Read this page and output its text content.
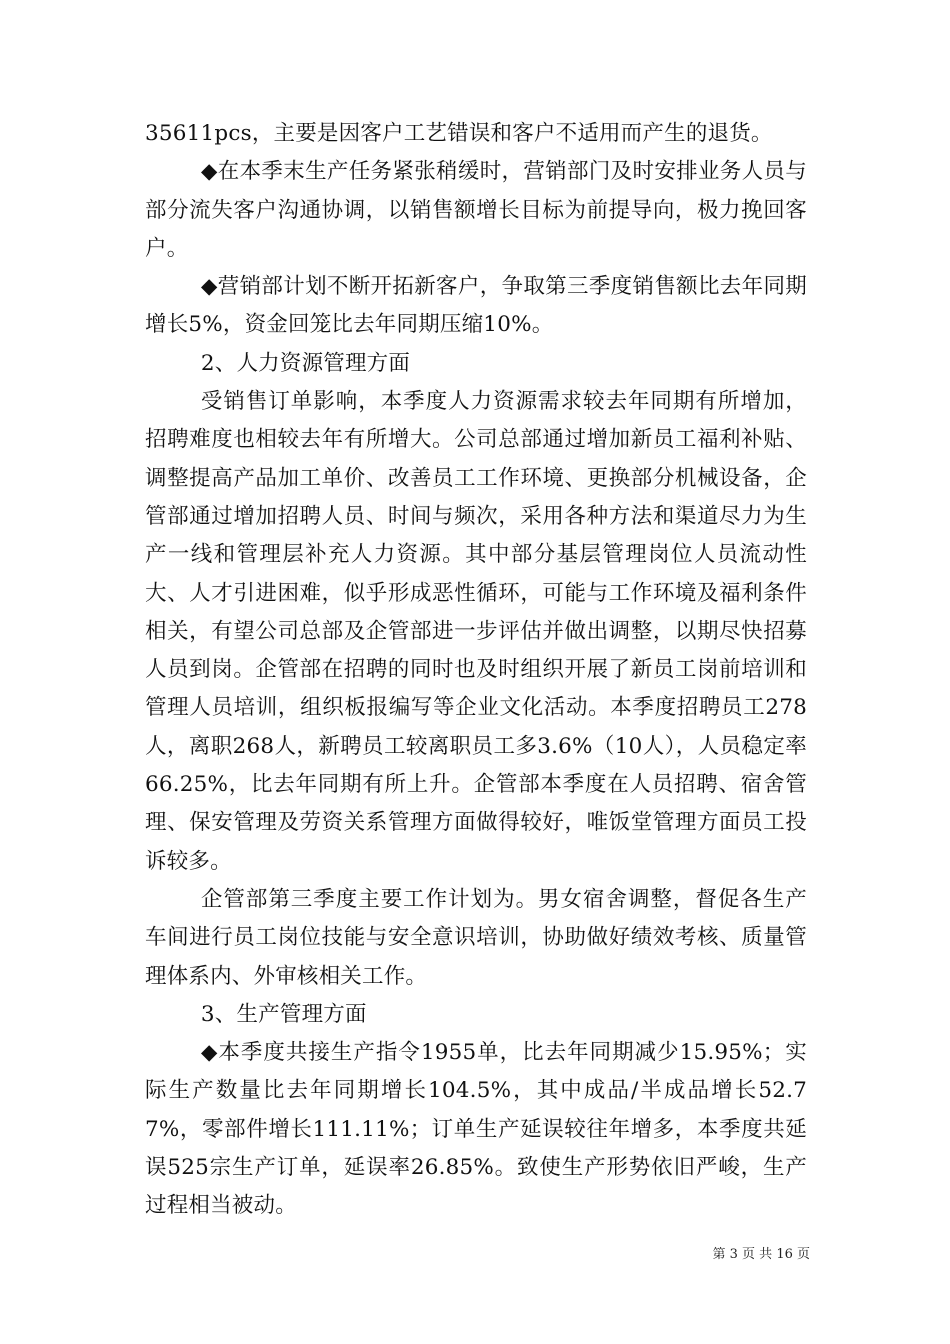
35611pcs，主要是因客户工艺错误和客户不适用而产生的退货。

◆在本季末生产任务紧张稍缓时，营销部门及时安排业务人员与部分流失客户沟通协调，以销售额增长目标为前提导向，极力挽回客户。

◆营销部计划不断开拓新客户，争取第三季度销售额比去年同期增长5%，资金回笼比去年同期压缩10%。

2、人力资源管理方面

受销售订单影响，本季度人力资源需求较去年同期有所增加，招聘难度也相较去年有所增大。公司总部通过增加新员工福利补贴、调整提高产品加工单价、改善员工工作环境、更换部分机械设备，企管部通过增加招聘人员、时间与频次，采用各种方法和渠道尽力为生产一线和管理层补充人力资源。其中部分基层管理岗位人员流动性大、人才引进困难，似乎形成恶性循环，可能与工作环境及福利条件相关，有望公司总部及企管部进一步评估并做出调整，以期尽快招募人员到岗。企管部在招聘的同时也及时组织开展了新员工岗前培训和管理人员培训，组织板报编写等企业文化活动。本季度招聘员工278人，离职268人，新聘员工较离职员工多3.6%（10人），人员稳定率66.25%，比去年同期有所上升。企管部本季度在人员招聘、宿舍管理、保安管理及劳资关系管理方面做得较好，唯饭堂管理方面员工投诉较多。

企管部第三季度主要工作计划为。男女宿舍调整，督促各生产车间进行员工岗位技能与安全意识培训，协助做好绩效考核、质量管理体系内、外审核相关工作。

3、生产管理方面

◆本季度共接生产指令1955单，比去年同期减少15.95%；实际生产数量比去年同期增长104.5%，其中成品/半成品增长52.77%，零部件增长111.11%；订单生产延误较往年增多，本季度共延误525宗生产订单，延误率26.85%。致使生产形势依旧严峻，生产过程相当被动。

第 3 页 共 16 页
